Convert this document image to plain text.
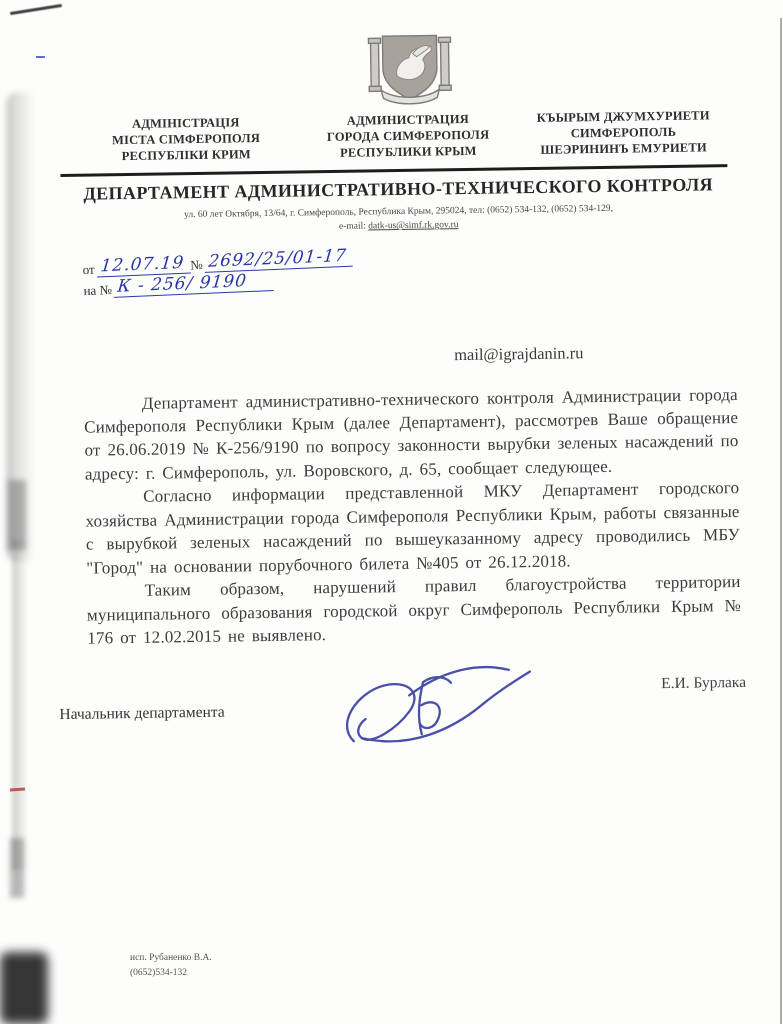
АДМІНІСТРАЦІЯ
МІСТА СІМФЕРОПОЛЯ
РЕСПУБЛІКИ КРИМ
АДМИНИСТРАЦИЯ
ГОРОДА СИМФЕРОПОЛЯ
РЕСПУБЛИКИ КРЫМ
КЪЫРЫМ ДЖУМХУРИЕТИ
СИМФЕРОПОЛЬ
ШЕЭРИНИНЪ ЕМУРИЕТИ
ДЕПАРТАМЕНТ АДМИНИСТРАТИВНО-ТЕХНИЧЕСКОГО КОНТРОЛЯ
ул. 60 лет Октября, 13/64, г. Симферополь, Республика Крым, 295024, тел: (0652) 534-132, (0652) 534-129,
e-mail: datk-us@simf.rk.gov.ru
от 12.07.19 № 2692/25/01-17
на № К - 256/ 9190
mail@igrajdanin.ru

Департамент административно-технического контроля Администрации города Симферополя Республики Крым (далее Департамент), рассмотрев Ваше обращение от 26.06.2019 № К-256/9190 по вопросу законности вырубки зеленых насаждений по адресу: г. Симферополь, ул. Воровского, д. 65, сообщает следующее.

Согласно информации представленной МКУ Департамент городского хозяйства Администрации города Симферополя Республики Крым, работы связанные с вырубкой зеленых насаждений по вышеуказанному адресу проводились МБУ "Город" на основании порубочного билета №405 от 26.12.2018.

Таким образом, нарушений правил благоустройства территории муниципального образования городской округ Симферополь Республики Крым № 176 от 12.02.2015 не выявлено.

Начальник департамента
Е.И. Бурлака
исп. Рубаненко В.А.
(0652)534-132
